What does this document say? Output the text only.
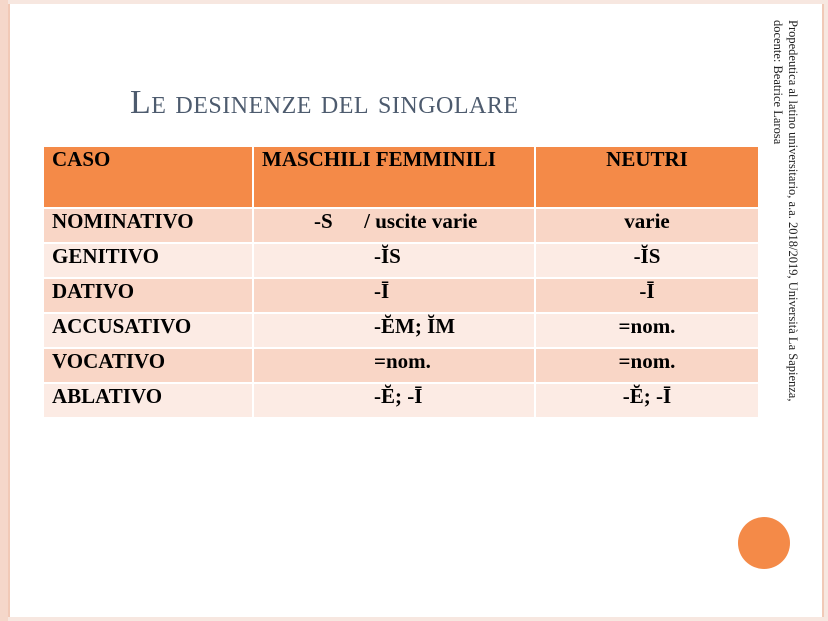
Le desinenze del singolare
CASO	MASCHILI FEMMINILI	NEUTRI
NOMINATIVO	-S      / uscite varie	varie
GENITIVO	-ĬS	-ĬS
DATIVO	-Ī	-Ī
ACCUSATIVO	-ĔM; ĬM	=nom.
VOCATIVO	=nom.	=nom.
ABLATIVO	-Ĕ; -Ī	-Ĕ; -Ī	Propedeutica al latino universitario, a.a. 2018/2019, Università La Sapienza,
docente: Beatrice Larosa
